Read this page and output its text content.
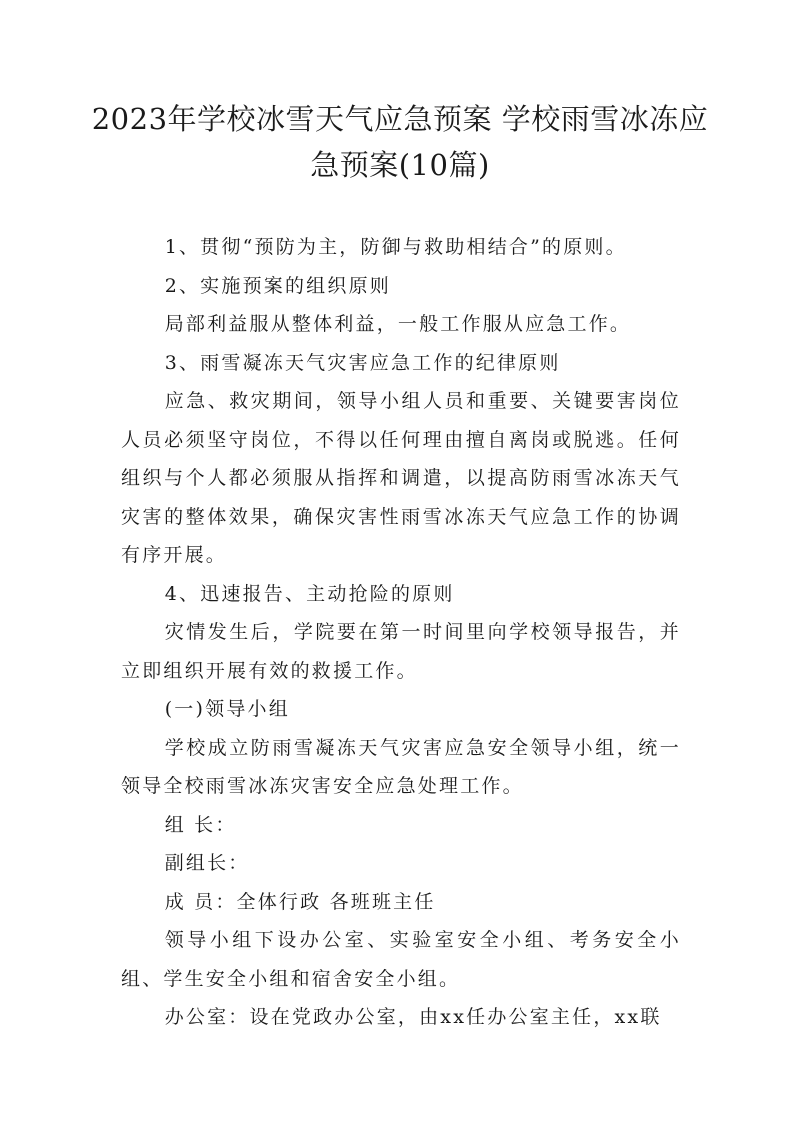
2023年学校冰雪天气应急预案 学校雨雪冰冻应急预案(10篇)

1、贯彻“预防为主，防御与救助相结合”的原则。

2、实施预案的组织原则

局部利益服从整体利益，一般工作服从应急工作。

3、雨雪凝冻天气灾害应急工作的纪律原则

应急、救灾期间，领导小组人员和重要、关键要害岗位人员必须坚守岗位，不得以任何理由擅自离岗或脱逃。任何组织与个人都必须服从指挥和调遣，以提高防雨雪冰冻天气灾害的整体效果，确保灾害性雨雪冰冻天气应急工作的协调有序开展。

4、迅速报告、主动抢险的原则

灾情发生后，学院要在第一时间里向学校领导报告，并立即组织开展有效的救援工作。

(一)领导小组

学校成立防雨雪凝冻天气灾害应急安全领导小组，统一领导全校雨雪冰冻灾害安全应急处理工作。

组 长：

副组长：

成 员：全体行政 各班班主任

领导小组下设办公室、实验室安全小组、考务安全小组、学生安全小组和宿舍安全小组。

办公室：设在党政办公室，由xx任办公室主任，xx联
